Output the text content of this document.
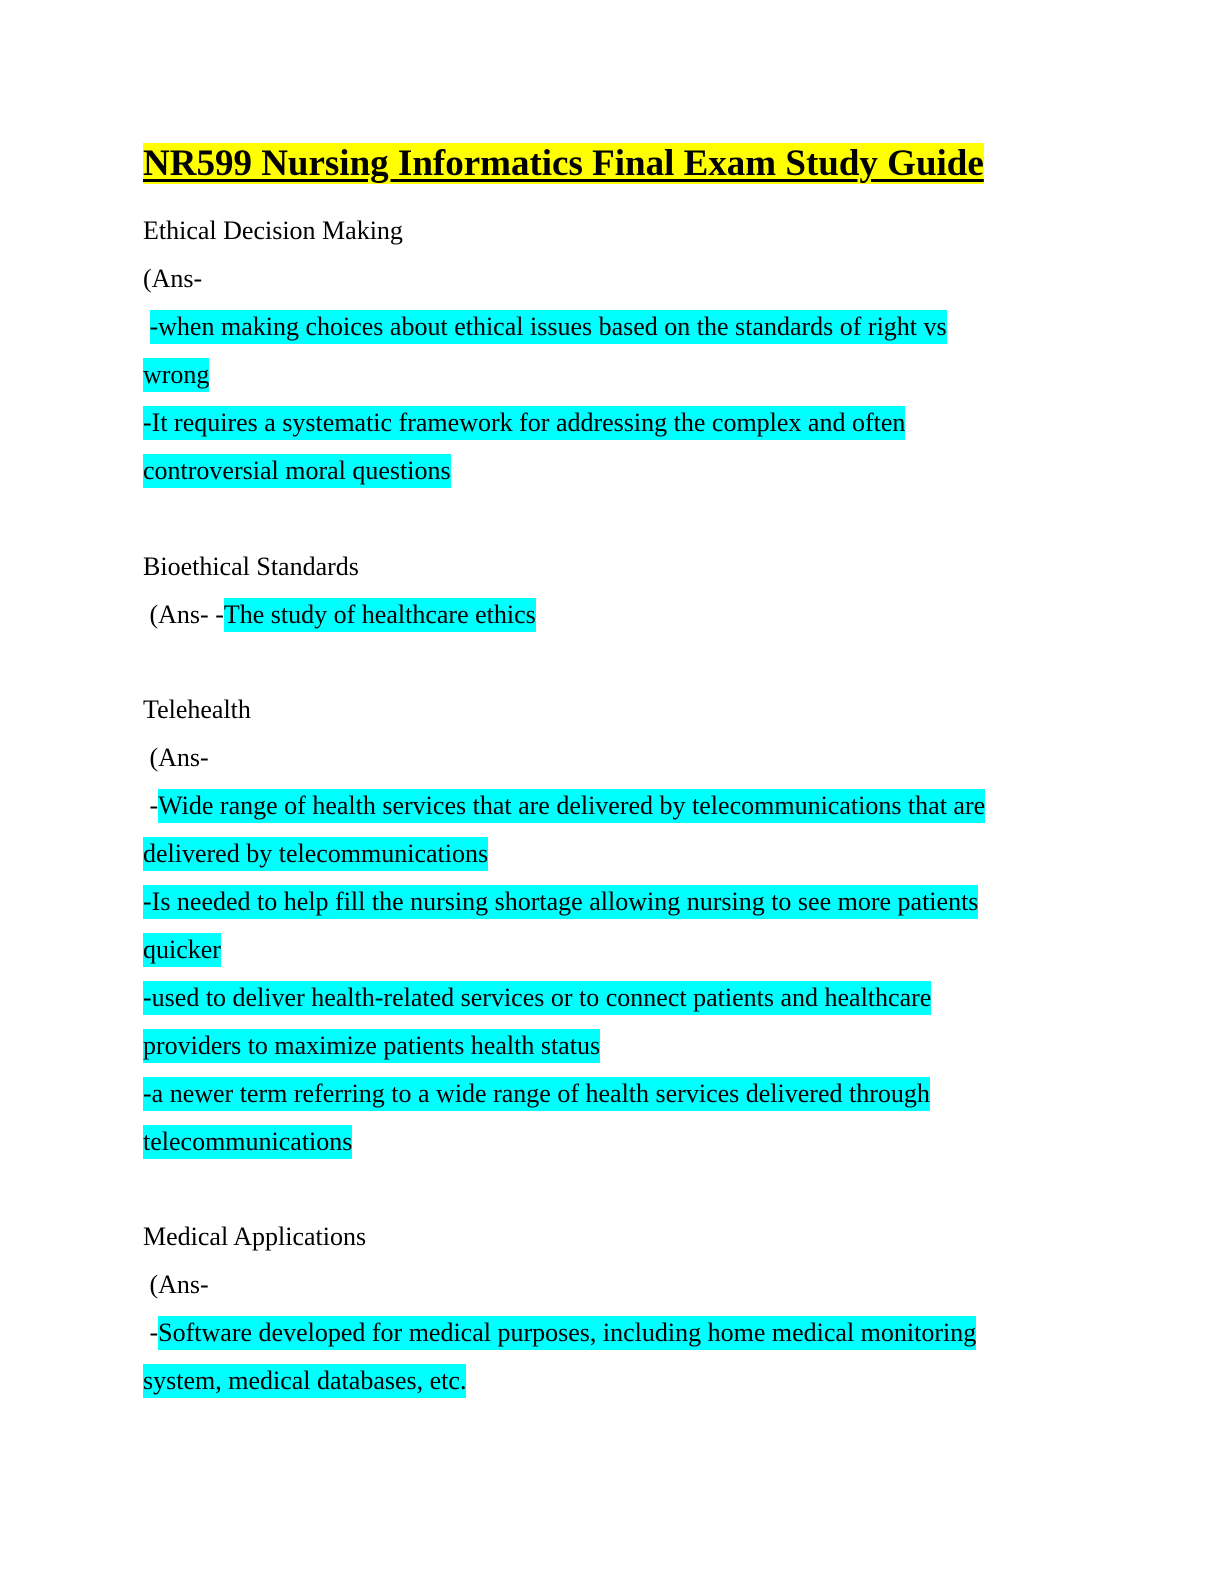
NR599 Nursing Informatics Final Exam Study Guide
Ethical Decision Making
(Ans-
-when making choices about ethical issues based on the standards of right vs
wrong
-It requires a systematic framework for addressing the complex and often
controversial moral questions
Bioethical Standards
(Ans- -The study of healthcare ethics
Telehealth
(Ans-
-Wide range of health services that are delivered by telecommunications that are
delivered by telecommunications
-Is needed to help fill the nursing shortage allowing nursing to see more patients
quicker
-used to deliver health-related services or to connect patients and healthcare
providers to maximize patients health status
-a newer term referring to a wide range of health services delivered through
telecommunications
Medical Applications
(Ans-
-Software developed for medical purposes, including home medical monitoring
system, medical databases, etc.
